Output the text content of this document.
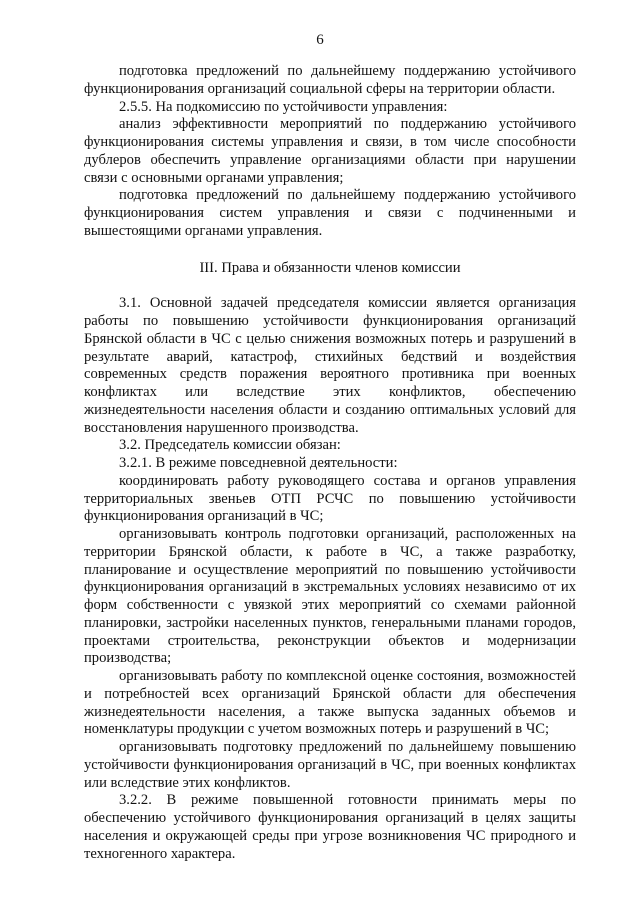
6

подготовка предложений по дальнейшему поддержанию устойчивого функционирования организаций социальной сферы на территории области.

2.5.5. На подкомиссию по устойчивости управления:

анализ эффективности мероприятий по поддержанию устойчивого функционирования системы управления и связи, в том числе способности дублеров обеспечить управление организациями области при нарушении связи с основными органами управления;

подготовка предложений по дальнейшему поддержанию устойчивого функционирования систем управления и связи с подчиненными и вышестоящими органами управления.

III. Права и обязанности членов комиссии

3.1. Основной задачей председателя комиссии является организация работы по повышению устойчивости функционирования организаций Брянской области в ЧС с целью снижения возможных потерь и разрушений в результате аварий, катастроф, стихийных бедствий и воздействия современных средств поражения вероятного противника при военных конфликтах или вследствие этих конфликтов, обеспечению жизнедеятельности населения области и созданию оптимальных условий для восстановления нарушенного производства.

3.2. Председатель комиссии обязан:

3.2.1. В режиме повседневной деятельности:

координировать работу руководящего состава и органов управления территориальных звеньев ОТП РСЧС по повышению устойчивости функционирования организаций в ЧС;

организовывать контроль подготовки организаций, расположенных на территории Брянской области, к работе в ЧС, а также разработку, планирование и осуществление мероприятий по повышению устойчивости функционирования организаций в экстремальных условиях независимо от их форм собственности с увязкой этих мероприятий со схемами районной планировки, застройки населенных пунктов, генеральными планами городов, проектами строительства, реконструкции объектов и модернизации производства;

организовывать работу по комплексной оценке состояния, возможностей и потребностей всех организаций Брянской области для обеспечения жизнедеятельности населения, а также выпуска заданных объемов и номенклатуры продукции с учетом возможных потерь и разрушений в ЧС;

организовывать подготовку предложений по дальнейшему повышению устойчивости функционирования организаций в ЧС, при военных конфликтах или вследствие этих конфликтов.

3.2.2. В режиме повышенной готовности принимать меры по обеспечению устойчивого функционирования организаций в целях защиты населения и окружающей среды при угрозе возникновения ЧС природного и техногенного характера.
